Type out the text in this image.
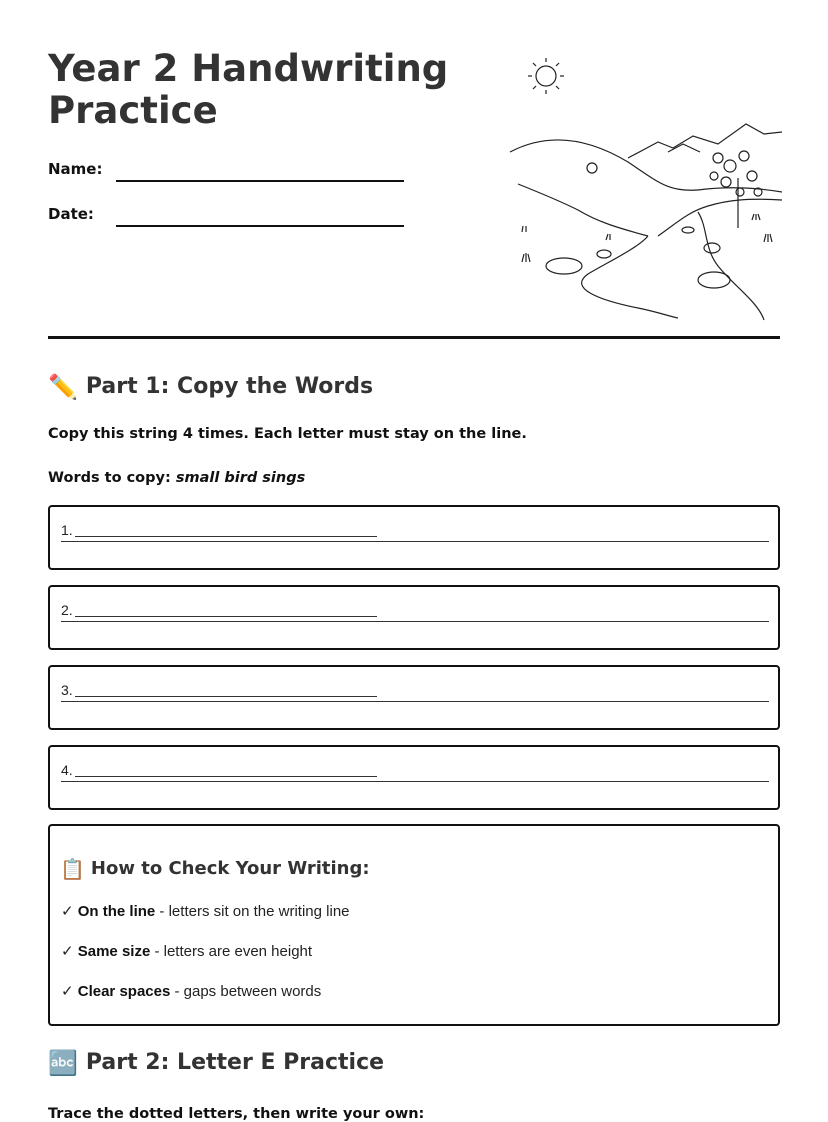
Year 2 Handwriting Practice
Name:
Date:
✏️ Part 1: Copy the Words
Copy this string 4 times. Each letter must stay on the line.
Words to copy: small bird sings
1.
2.
3.
4.
📋 How to Check Your Writing:
✓ On the line - letters sit on the writing line
✓ Same size - letters are even height
✓ Clear spaces - gaps between words
🔤 Part 2: Letter E Practice
Trace the dotted letters, then write your own:
